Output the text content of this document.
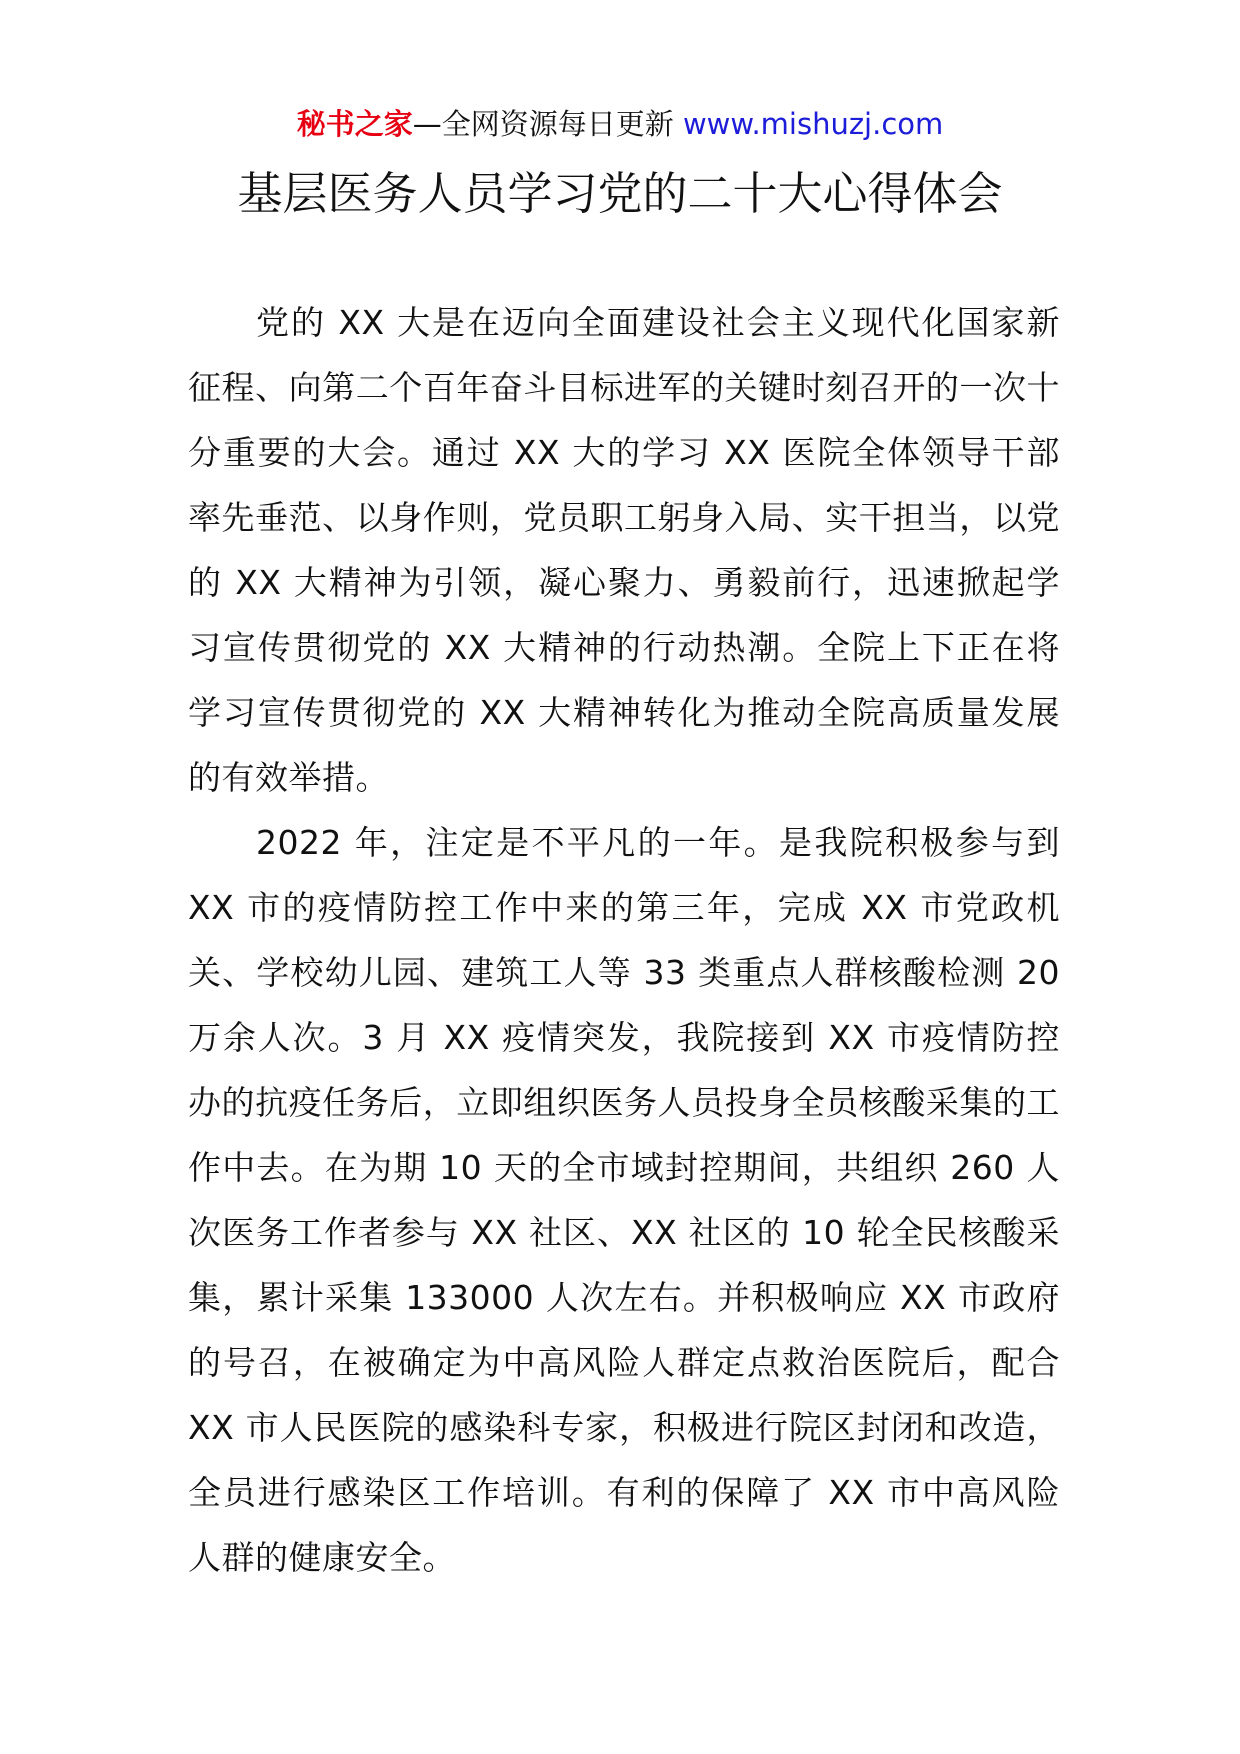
秘书之家—全网资源每日更新 www.mishuzj.com
基层医务人员学习党的二十大心得体会

党的 XX 大是在迈向全面建设社会主义现代化国家新征程、向第二个百年奋斗目标进军的关键时刻召开的一次十分重要的大会。通过 XX 大的学习 XX 医院全体领导干部率先垂范、以身作则，党员职工躬身入局、实干担当，以党的 XX 大精神为引领，凝心聚力、勇毅前行，迅速掀起学习宣传贯彻党的 XX 大精神的行动热潮。全院上下正在将学习宣传贯彻党的 XX 大精神转化为推动全院高质量发展的有效举措。

2022 年，注定是不平凡的一年。是我院积极参与到 XX 市的疫情防控工作中来的第三年，完成 XX 市党政机关、学校幼儿园、建筑工人等 33 类重点人群核酸检测 20 万余人次。3 月 XX 疫情突发，我院接到 XX 市疫情防控办的抗疫任务后，立即组织医务人员投身全员核酸采集的工作中去。在为期 10 天的全市域封控期间，共组织 260 人次医务工作者参与 XX 社区、XX 社区的 10 轮全民核酸采集，累计采集 133000 人次左右。并积极响应 XX 市政府的号召，在被确定为中高风险人群定点救治医院后，配合 XX 市人民医院的感染科专家，积极进行院区封闭和改造，全员进行感染区工作培训。有利的保障了 XX 市中高风险人群的健康安全。
